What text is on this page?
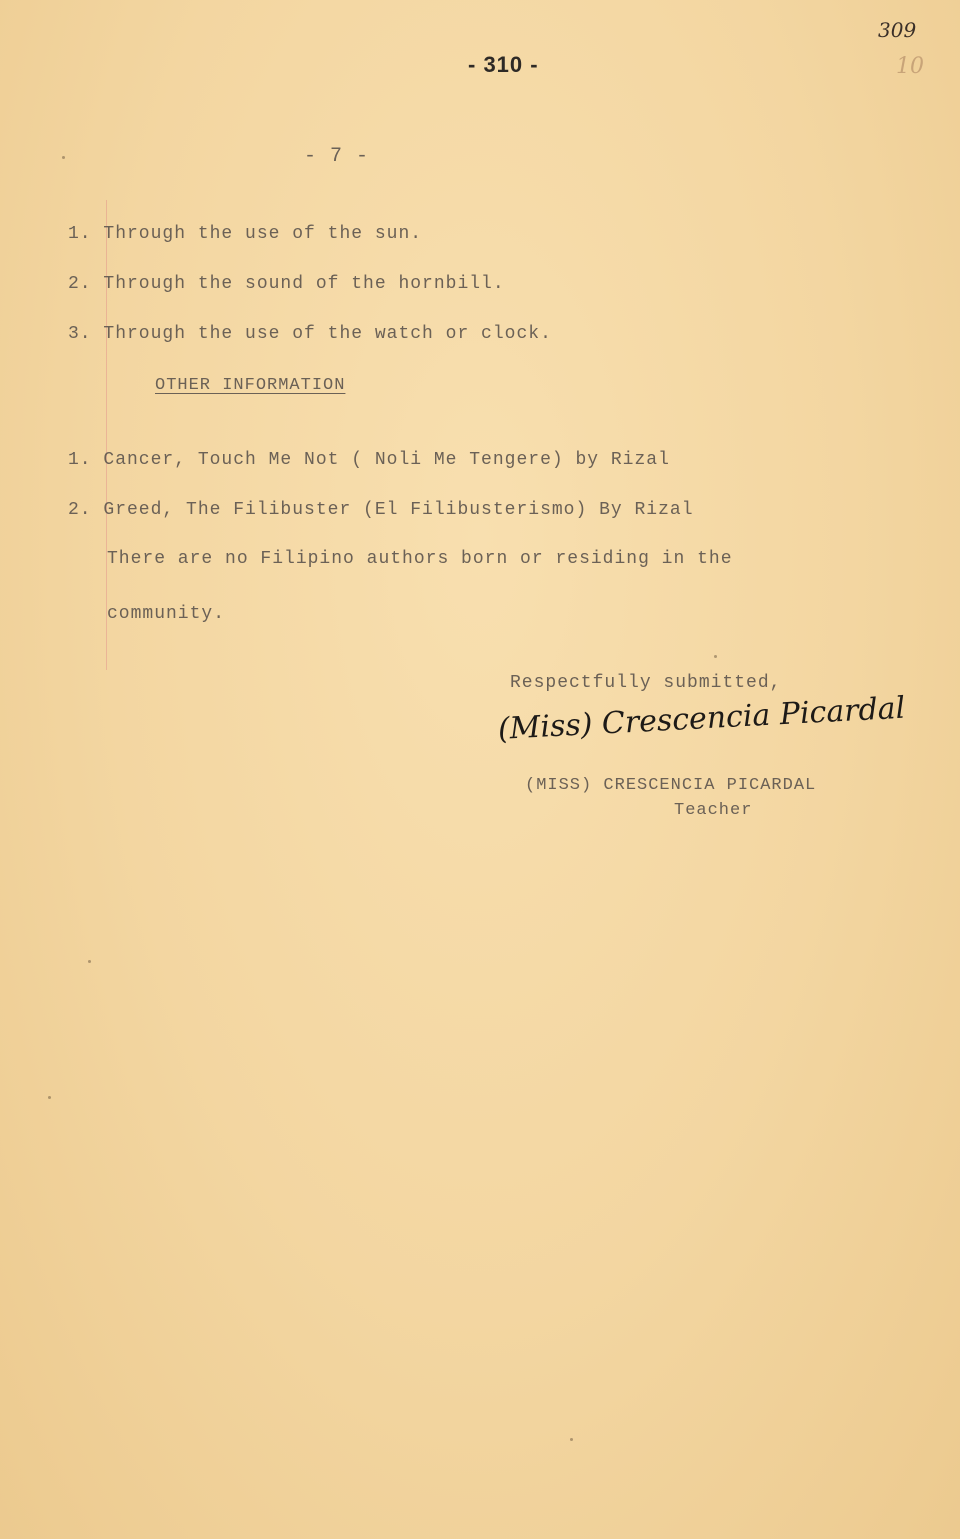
309
10
- 310 -
- 7 -
1. Through the use of the sun.
2. Through the sound of the hornbill.
3. Through the use of the watch or clock.
OTHER INFORMATION
1. Cancer, Touch Me Not ( Noli Me Tengere) by Rizal
2. Greed, The Filibuster (El Filibusterismo) By Rizal
There are no Filipino authors born or residing in the
community.
Respectfully submitted,
(Miss) Crescencia Picardal
(MISS) CRESCENCIA PICARDAL
Teacher
